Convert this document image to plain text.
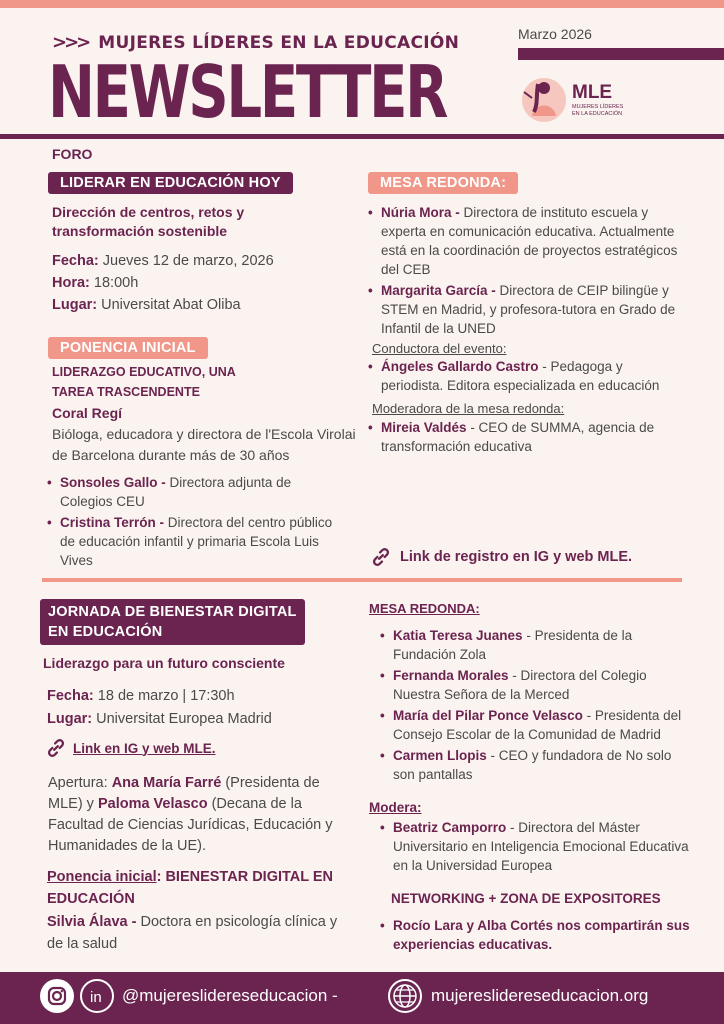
>>> MUJERES LÍDERES EN LA EDUCACIÓN
NEWSLETTER
Marzo 2026
MLE
MUJERES LÍDERES EN LA EDUCACIÓN
FORO
LIDERAR EN EDUCACIÓN HOY
Dirección de centros, retos y transformación sostenible
Fecha: Jueves 12 de marzo, 2026
Hora: 18:00h
Lugar: Universitat Abat Oliba
PONENCIA INICIAL
LIDERAZGO EDUCATIVO, UNA TAREA TRASCENDENTE
Coral Regí
Bióloga, educadora y directora de l'Escola Virolai de Barcelona durante más de 30 años
• Sonsoles Gallo - Directora adjunta de Colegios CEU
• Cristina Terrón - Directora del centro público de educación infantil y primaria Escola Luis Vives
MESA REDONDA:
• Núria Mora - Directora de instituto escuela y experta en comunicación educativa. Actualmente está en la coordinación de proyectos estratégicos del CEB
• Margarita García - Directora de CEIP bilingüe y STEM en Madrid, y profesora-tutora en Grado de Infantil de la UNED
Conductora del evento:
• Ángeles Gallardo Castro - Pedagoga y periodista. Editora especializada en educación
Moderadora de la mesa redonda:
• Mireia Valdés - CEO de SUMMA, agencia de transformación educativa
Link de registro en IG y web MLE.
JORNADA DE BIENESTAR DIGITAL
EN EDUCACIÓN
Liderazgo para un futuro consciente
Fecha: 18 de marzo | 17:30h
Lugar: Universitat Europea Madrid
Link en IG y web MLE.
Apertura: Ana María Farré (Presidenta de MLE) y Paloma Velasco (Decana de la Facultad de Ciencias Jurídicas, Educación y Humanidades de la UE).
Ponencia inicial: BIENESTAR DIGITAL EN EDUCACIÓN
Silvia Álava - Doctora en psicología clínica y de la salud
MESA REDONDA:
• Katia Teresa Juanes - Presidenta de la Fundación Zola
• Fernanda Morales - Directora del Colegio Nuestra Señora de la Merced
• María del Pilar Ponce Velasco - Presidenta del Consejo Escolar de la Comunidad de Madrid
• Carmen Llopis - CEO y fundadora de No solo son pantallas
Modera:
• Beatriz Camporro - Directora del Máster Universitario en Inteligencia Emocional Educativa en la Universidad Europea
NETWORKING + ZONA DE EXPOSITORES
• Rocío Lara y Alba Cortés nos compartirán sus experiencias educativas.
in @mujereslidereseducacion -	mujereslidereseducacion.org
